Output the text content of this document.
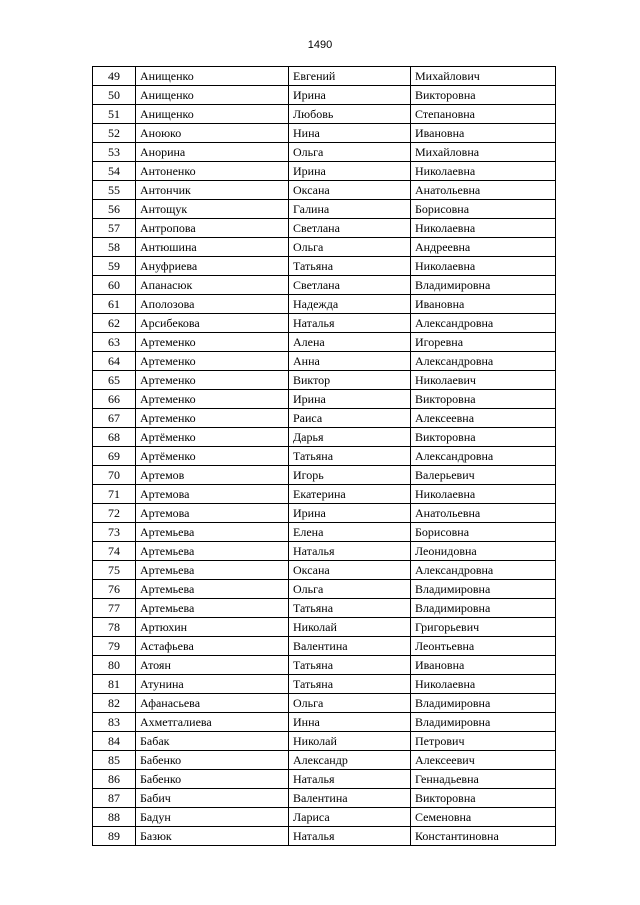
1490
49	Анищенко	Евгений	Михайлович
50	Анищенко	Ирина	Викторовна
51	Анищенко	Любовь	Степановна
52	Аноюко	Нина	Ивановна
53	Анорина	Ольга	Михайловна
54	Антоненко	Ирина	Николаевна
55	Антончик	Оксана	Анатольевна
56	Антощук	Галина	Борисовна
57	Антропова	Светлана	Николаевна
58	Антюшина	Ольга	Андреевна
59	Ануфриева	Татьяна	Николаевна
60	Апанасюк	Светлана	Владимировна
61	Аполозова	Надежда	Ивановна
62	Арсибекова	Наталья	Александровна
63	Артеменко	Алена	Игоревна
64	Артеменко	Анна	Александровна
65	Артеменко	Виктор	Николаевич
66	Артеменко	Ирина	Викторовна
67	Артеменко	Раиса	Алексеевна
68	Артёменко	Дарья	Викторовна
69	Артёменко	Татьяна	Александровна
70	Артемов	Игорь	Валерьевич
71	Артемова	Екатерина	Николаевна
72	Артемова	Ирина	Анатольевна
73	Артемьева	Елена	Борисовна
74	Артемьева	Наталья	Леонидовна
75	Артемьева	Оксана	Александровна
76	Артемьева	Ольга	Владимировна
77	Артемьева	Татьяна	Владимировна
78	Артюхин	Николай	Григорьевич
79	Астафьева	Валентина	Леонтьевна
80	Атоян	Татьяна	Ивановна
81	Атунина	Татьяна	Николаевна
82	Афанасьева	Ольга	Владимировна
83	Ахметгалиева	Инна	Владимировна
84	Бабак	Николай	Петрович
85	Бабенко	Александр	Алексеевич
86	Бабенко	Наталья	Геннадьевна
87	Бабич	Валентина	Викторовна
88	Бадун	Лариса	Семеновна
89	Базюк	Наталья	Константиновна
